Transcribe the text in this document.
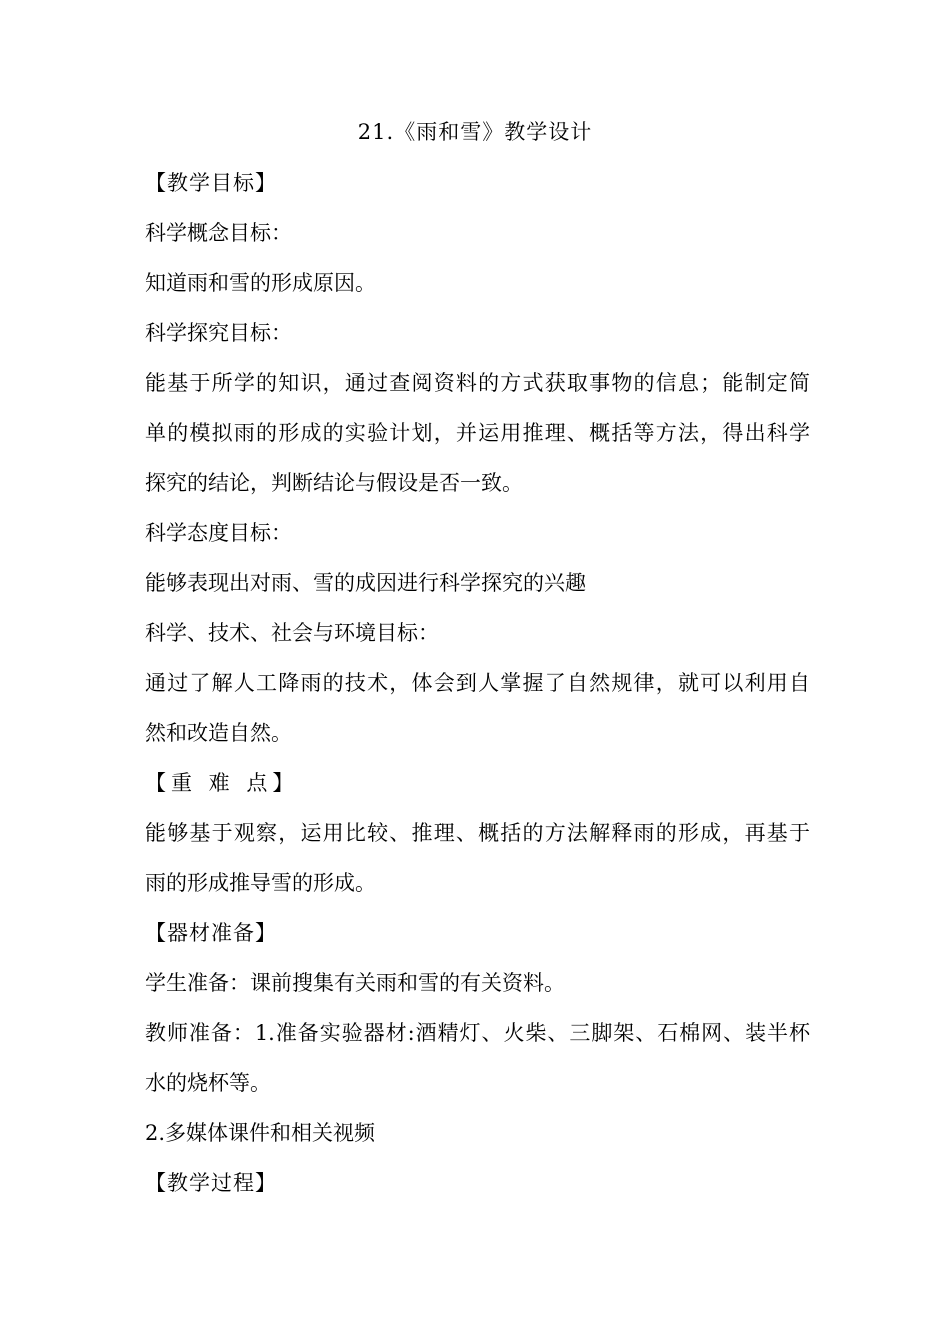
21.《雨和雪》教学设计
【教学目标】
科学概念目标：
知道雨和雪的形成原因。
科学探究目标：
能基于所学的知识，通过查阅资料的方式获取事物的信息；能制定简
单的模拟雨的形成的实验计划，并运用推理、概括等方法，得出科学
探究的结论，判断结论与假设是否一致。
科学态度目标：
能够表现出对雨、雪的成因进行科学探究的兴趣
科学、技术、社会与环境目标：
通过了解人工降雨的技术，体会到人掌握了自然规律，就可以利用自
然和改造自然。
【重 难 点】
能够基于观察，运用比较、推理、概括的方法解释雨的形成，再基于
雨的形成推导雪的形成。
【器材准备】
学生准备：课前搜集有关雨和雪的有关资料。
教师准备：1.准备实验器材:酒精灯、火柴、三脚架、石棉网、装半杯
水的烧杯等。
2.多媒体课件和相关视频
【教学过程】
